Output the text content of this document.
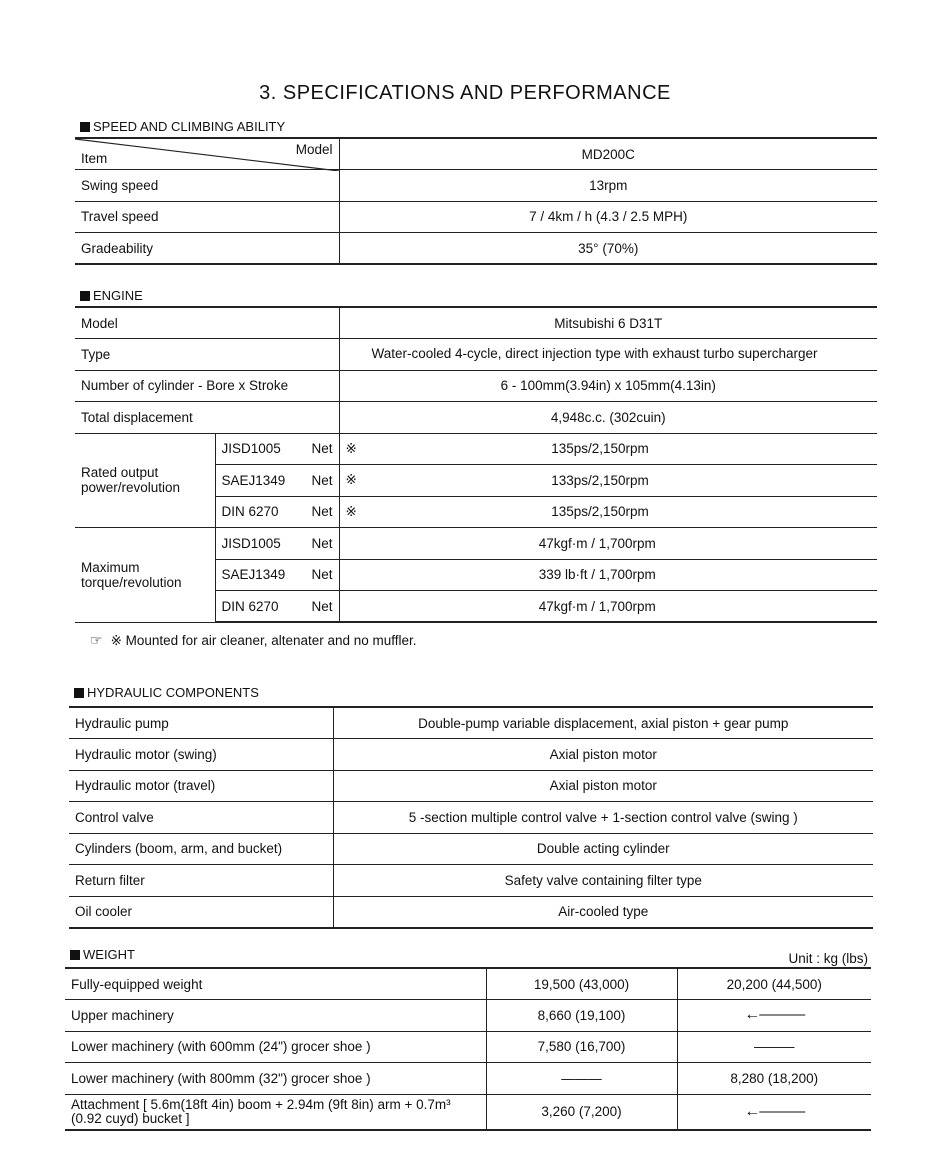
3. SPECIFICATIONS AND PERFORMANCE
SPEED AND CLIMBING ABILITY
Item
Model	MD200C
Swing speed	13rpm
Travel speed	7 / 4km / h (4.3 / 2.5 MPH)
Gradeability	35° (70%)
ENGINE
Model		Mitsubishi 6 D31T	
Type		Water-cooled 4-cycle, direct injection type with exhaust turbo supercharger	
Number of cylinder - Bore x Stroke		6 - 100mm(3.94in) x 105mm(4.13in)	
Total displacement		4,948c.c. (302cuin)	
Rated output power/revolution	JISD1005 Net	※	135ps/2,150rpm
	SAEJ1349 Net	※	133ps/2,150rpm
	DIN 6270 Net	※	135ps/2,150rpm
Maximum torque/revolution	JISD1005 Net	47kgf·m / 1,700rpm	
	SAEJ1349 Net	339 lb·ft / 1,700rpm	
	DIN 6270 Net	47kgf·m / 1,700rpm	
☞ ※ Mounted for air cleaner, altenater and no muffler.
HYDRAULIC COMPONENTS
Hydraulic pump	Double-pump variable displacement, axial piston + gear pump
Hydraulic motor (swing)	Axial piston motor
Hydraulic motor (travel)	Axial piston motor
Control valve	5 -section multiple control valve + 1-section control valve (swing )
Cylinders (boom, arm, and bucket)	Double acting cylinder
Return filter	Safety valve containing filter type
Oil cooler	Air-cooled type
WEIGHT	Unit : kg (lbs)
Fully-equipped weight	19,500 (43,000)	20,200 (44,500)
Upper machinery	8,660 (19,100)	←———
Lower machinery (with 600mm (24") grocer shoe )	7,580 (16,700)	———
Lower machinery (with 800mm (32") grocer shoe )	———	8,280 (18,200)
Attachment [ 5.6m(18ft 4in) boom + 2.94m (9ft 8in) arm + 0.7m³ (0.92 cuyd) bucket ]	3,260 (7,200)	←———
